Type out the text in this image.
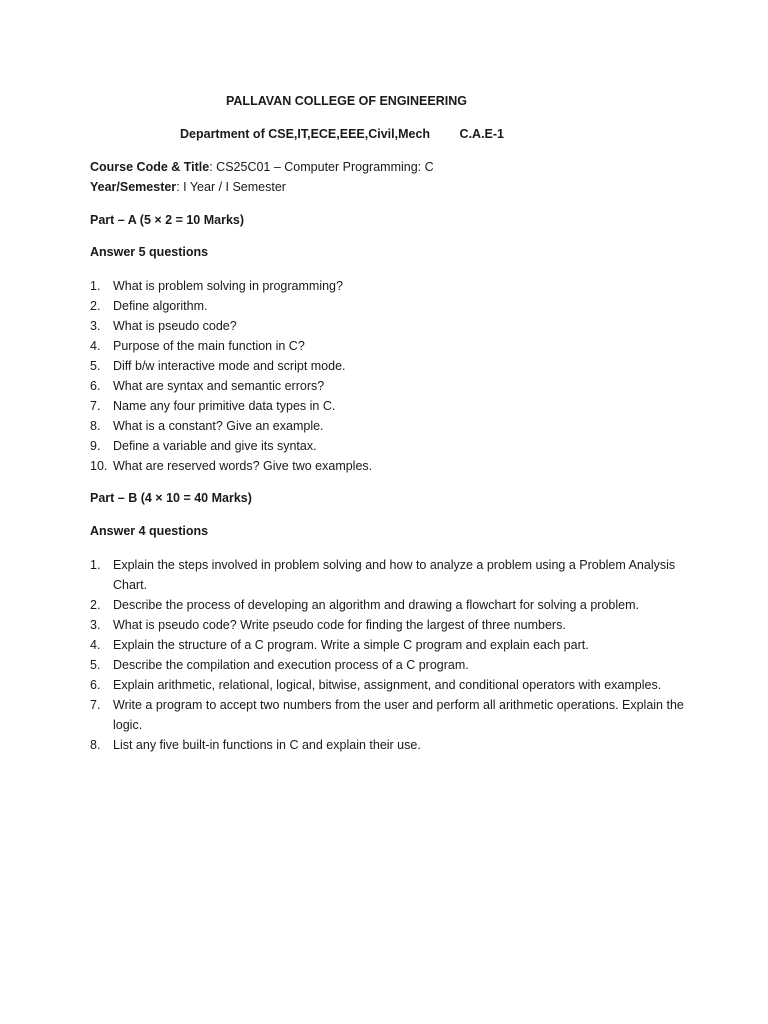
PALLAVAN COLLEGE OF ENGINEERING
Department of CSE,IT,ECE,EEE,Civil,Mech C.A.E-1
Course Code & Title: CS25C01 – Computer Programming: C
Year/Semester: I Year / I Semester
Part – A (5 × 2 = 10 Marks)
Answer 5 questions
1. What is problem solving in programming?
2. Define algorithm.
3. What is pseudo code?
4. Purpose of the main function in C?
5. Diff b/w interactive mode and script mode.
6. What are syntax and semantic errors?
7. Name any four primitive data types in C.
8. What is a constant? Give an example.
9. Define a variable and give its syntax.
10. What are reserved words? Give two examples.
Part – B (4 × 10 = 40 Marks)
Answer 4 questions
1. Explain the steps involved in problem solving and how to analyze a problem using a Problem Analysis Chart.
2. Describe the process of developing an algorithm and drawing a flowchart for solving a problem.
3. What is pseudo code? Write pseudo code for finding the largest of three numbers.
4. Explain the structure of a C program. Write a simple C program and explain each part.
5. Describe the compilation and execution process of a C program.
6. Explain arithmetic, relational, logical, bitwise, assignment, and conditional operators with examples.
7. Write a program to accept two numbers from the user and perform all arithmetic operations. Explain the logic.
8. List any five built-in functions in C and explain their use.
